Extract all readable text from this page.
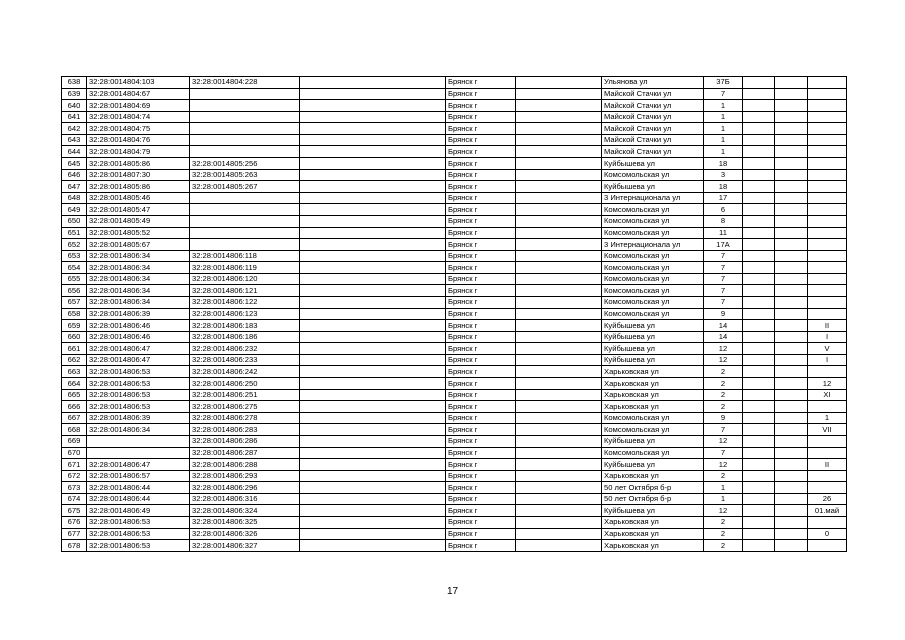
638	32:28:0014804:103	32:28:0014804:228		Брянск г		Ульянова ул	37Б			
639	32:28:0014804:67			Брянск г		Майской Стачки ул	7			
640	32:28:0014804:69			Брянск г		Майской Стачки ул	1			
641	32:28:0014804:74			Брянск г		Майской Стачки ул	1			
642	32:28:0014804:75			Брянск г		Майской Стачки ул	1			
643	32:28:0014804:76			Брянск г		Майской Стачки ул	1			
644	32:28:0014804:79			Брянск г		Майской Стачки ул	1			
645	32:28:0014805:86	32:28:0014805:256		Брянск г		Куйбышева ул	18			
646	32:28:0014807:30	32:28:0014805:263		Брянск г		Комсомольская ул	3			
647	32:28:0014805:86	32:28:0014805:267		Брянск г		Куйбышева ул	18			
648	32:28:0014805:46			Брянск г		3 Интернационала ул	17			
649	32:28:0014805:47			Брянск г		Комсомольская ул	6			
650	32:28:0014805:49			Брянск г		Комсомольская ул	8			
651	32:28:0014805:52			Брянск г		Комсомольская ул	11			
652	32:28:0014805:67			Брянск г		3 Интернационала ул	17А			
653	32:28:0014806:34	32:28:0014806:118		Брянск г		Комсомольская ул	7			
654	32:28:0014806:34	32:28:0014806:119		Брянск г		Комсомольская ул	7			
655	32:28:0014806:34	32:28:0014806:120		Брянск г		Комсомольская ул	7			
656	32:28:0014806:34	32:28:0014806:121		Брянск г		Комсомольская ул	7			
657	32:28:0014806:34	32:28:0014806:122		Брянск г		Комсомольская ул	7			
658	32:28:0014806:39	32:28:0014806:123		Брянск г		Комсомольская ул	9			
659	32:28:0014806:46	32:28:0014806:183		Брянск г		Куйбышева ул	14			II
660	32:28:0014806:46	32:28:0014806:186		Брянск г		Куйбышева ул	14			I
661	32:28:0014806:47	32:28:0014806:232		Брянск г		Куйбышева ул	12			V
662	32:28:0014806:47	32:28:0014806:233		Брянск г		Куйбышева ул	12			I
663	32:28:0014806:53	32:28:0014806:242		Брянск г		Харьковская ул	2			
664	32:28:0014806:53	32:28:0014806:250		Брянск г		Харьковская ул	2			12
665	32:28:0014806:53	32:28:0014806:251		Брянск г		Харьковская ул	2			XI
666	32:28:0014806:53	32:28:0014806:275		Брянск г		Харьковская ул	2			
667	32:28:0014806:39	32:28:0014806:278		Брянск г		Комсомольская ул	9			1
668	32:28:0014806:34	32:28:0014806:283		Брянск г		Комсомольская ул	7			VII
669		32:28:0014806:286		Брянск г		Куйбышева ул	12			
670		32:28:0014806:287		Брянск г		Комсомольская ул	7			
671	32:28:0014806:47	32:28:0014806:288		Брянск г		Куйбышева ул	12			II
672	32:28:0014806:57	32:28:0014806:293		Брянск г		Харьковская ул	2			
673	32:28:0014806:44	32:28:0014806:296		Брянск г		50 лет Октября б-р	1			
674	32:28:0014806:44	32:28:0014806:316		Брянск г		50 лет Октября б-р	1			26
675	32:28:0014806:49	32:28:0014806:324		Брянск г		Куйбышева ул	12			01.май
676	32:28:0014806:53	32:28:0014806:325		Брянск г		Харьковская ул	2			
677	32:28:0014806:53	32:28:0014806:326		Брянск г		Харьковская ул	2			0
678	32:28:0014806:53	32:28:0014806:327		Брянск г		Харьковская ул	2			
17
